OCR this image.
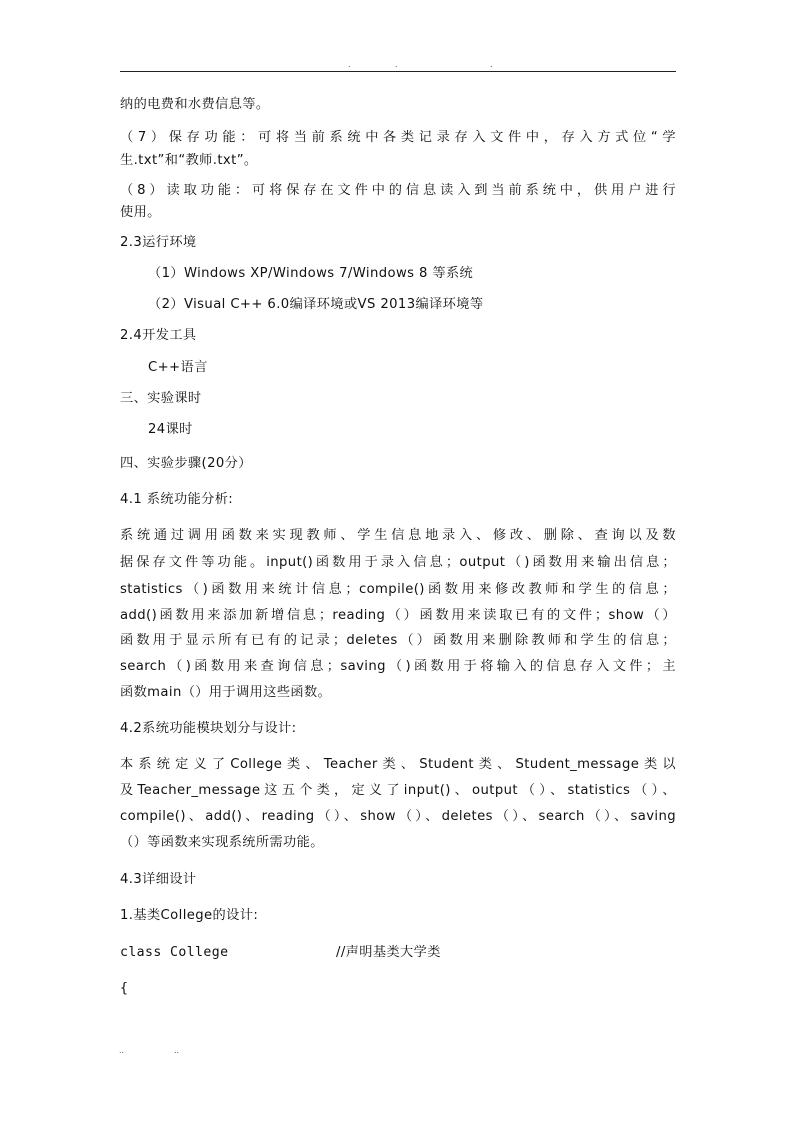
.	.	.
纳的电费和水费信息等。
（7）保存功能：可将当前系统中各类记录存入文件中，存入方式位“学
生.txt”和“教师.txt”。
（8）读取功能：可将保存在文件中的信息读入到当前系统中，供用户进行
使用。
2.3运行环境
（1）Windows XP/Windows 7/Windows 8 等系统
（2）Visual C++ 6.0编译环境或VS 2013编译环境等
2.4开发工具
C++语言
三、实验课时
24课时
四、实验步骤(20分）
4.1 系统功能分析:
系统通过调用函数来实现教师、学生信息地录入、修改、删除、查询以及数
据保存文件等功能。input()函数用于录入信息；output（)函数用来输出信息；
statistics（)函数用来统计信息；compile()函数用来修改教师和学生的信息；
add()函数用来添加新增信息；reading（）函数用来读取已有的文件；show（）
函数用于显示所有已有的记录；deletes（）函数用来删除教师和学生的信息；
search（)函数用来查询信息；saving（)函数用于将输入的信息存入文件；主
函数main（）用于调用这些函数。
4.2系统功能模块划分与设计:
本系统定义了College类、Teacher类、Student类、Student_message类以
及Teacher_message这五个类，定义了input()、output（）、statistics（）、
compile()、add()、reading（）、show（）、deletes（）、search（）、saving
（）等函数来实现系统所需功能。
4.3详细设计
1.基类College的设计:
class College	//声明基类大学类
{
..	..
